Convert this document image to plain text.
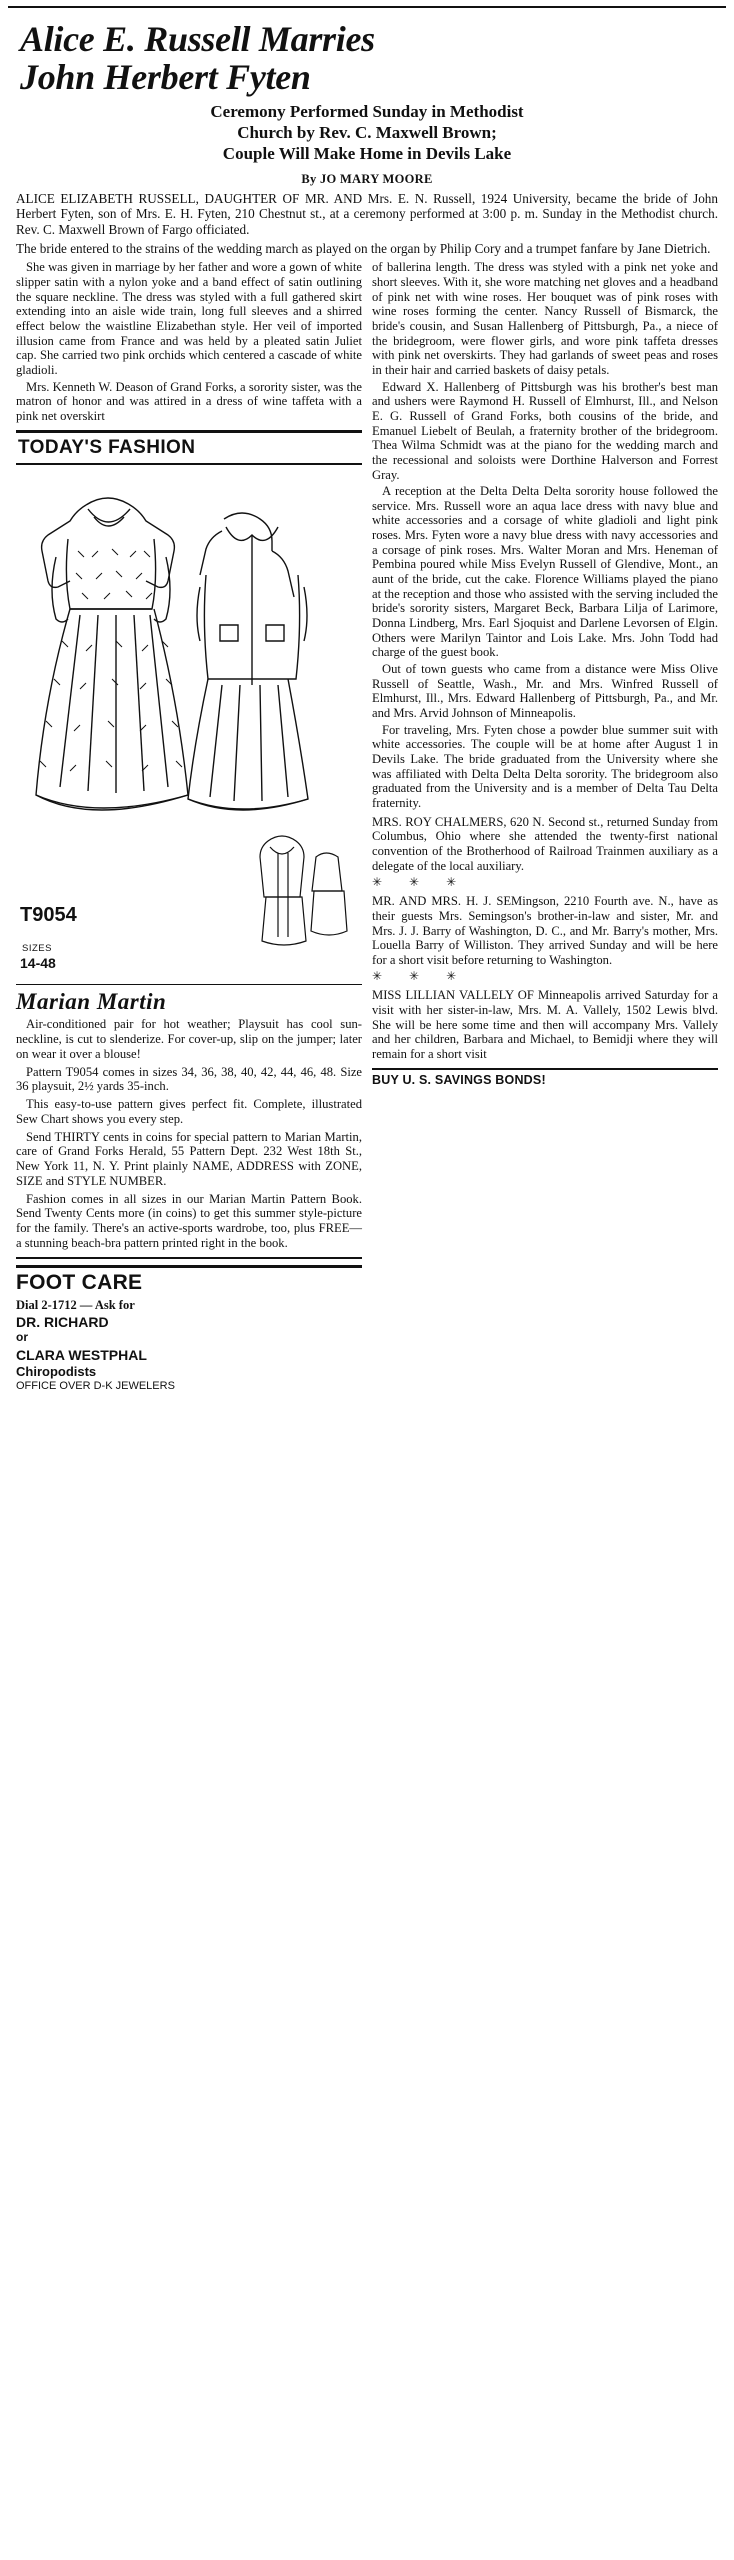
Alice E. Russell Marries
John Herbert Fyten
Ceremony Performed Sunday in Methodist
Church by Rev. C. Maxwell Brown;
Couple Will Make Home in Devils Lake
By JO MARY MOORE

ALICE ELIZABETH RUSSELL, DAUGHTER OF MR. AND Mrs. E. N. Russell, 1924 University, became the bride of John Herbert Fyten, son of Mrs. E. H. Fyten, 210 Chestnut st., at a ceremony performed at 3:00 p. m. Sunday in the Methodist church. Rev. C. Maxwell Brown of Fargo officiated.

The bride entered to the strains of the wedding march as played on the organ by Philip Cory and a trumpet fanfare by Jane Dietrich.

She was given in marriage by her father and wore a gown of white slipper satin with a nylon yoke and a band effect of satin outlining the square neckline. The dress was styled with a full gathered skirt extending into an aisle wide train, long full sleeves and a shirred effect below the waistline Elizabethan style. Her veil of imported illusion came from France and was held by a pleated satin Juliet cap. She carried two pink orchids which centered a cascade of white gladioli.

Mrs. Kenneth W. Deason of Grand Forks, a sorority sister, was the matron of honor and was attired in a dress of wine taffeta with a pink net overskirt

TODAY'S FASHION
T9054
SIZES
14-48
Marian Martin

Air-conditioned pair for hot weather; Playsuit has cool sun-neckline, is cut to slenderize. For cover-up, slip on the jumper; later on wear it over a blouse!

Pattern T9054 comes in sizes 34, 36, 38, 40, 42, 44, 46, 48. Size 36 playsuit, 2½ yards 35-inch.

This easy-to-use pattern gives perfect fit. Complete, illustrated Sew Chart shows you every step.

Send THIRTY cents in coins for special pattern to Marian Martin, care of Grand Forks Herald, 55 Pattern Dept. 232 West 18th St., New York 11, N. Y. Print plainly NAME, ADDRESS with ZONE, SIZE and STYLE NUMBER.

Fashion comes in all sizes in our Marian Martin Pattern Book. Send Twenty Cents more (in coins) to get this summer style-picture for the family. There's an active-sports wardrobe, too, plus FREE—a stunning beach-bra pattern printed right in the book.

FOOT CARE
Dial 2-1712 — Ask for
DR. RICHARD
or
CLARA WESTPHAL
Chiropodists
OFFICE OVER D-K JEWELERS

of ballerina length. The dress was styled with a pink net yoke and short sleeves. With it, she wore matching net gloves and a headband of pink net with wine roses. Her bouquet was of pink roses with wine roses forming the center. Nancy Russell of Bismarck, the bride's cousin, and Susan Hallenberg of Pittsburgh, Pa., a niece of the bridegroom, were flower girls, and wore pink taffeta dresses with pink net overskirts. They had garlands of sweet peas and roses in their hair and carried baskets of daisy petals.

Edward X. Hallenberg of Pittsburgh was his brother's best man and ushers were Raymond H. Russell of Elmhurst, Ill., and Nelson E. G. Russell of Grand Forks, both cousins of the bride, and Emanuel Liebelt of Beulah, a fraternity brother of the bridegroom. Thea Wilma Schmidt was at the piano for the wedding march and the recessional and soloists were Dorthine Halverson and Forrest Gray.

A reception at the Delta Delta Delta sorority house followed the service. Mrs. Russell wore an aqua lace dress with navy blue and white accessories and a corsage of white gladioli and light pink roses. Mrs. Fyten wore a navy blue dress with navy accessories and a corsage of pink roses. Mrs. Walter Moran and Mrs. Heneman of Pembina poured while Miss Evelyn Russell of Glendive, Mont., an aunt of the bride, cut the cake. Florence Williams played the piano at the reception and those who assisted with the serving included the bride's sorority sisters, Margaret Beck, Barbara Lilja of Larimore, Donna Lindberg, Mrs. Earl Sjoquist and Darlene Levorsen of Elgin. Others were Marilyn Taintor and Lois Lake. Mrs. John Todd had charge of the guest book.

Out of town guests who came from a distance were Miss Olive Russell of Seattle, Wash., Mr. and Mrs. Winfred Russell of Elmhurst, Ill., Mrs. Edward Hallenberg of Pittsburgh, Pa., and Mr. and Mrs. Arvid Johnson of Minneapolis.

For traveling, Mrs. Fyten chose a powder blue summer suit with white accessories. The couple will be at home after August 1 in Devils Lake. The bride graduated from the University where she was affiliated with Delta Delta Delta sorority. The bridegroom also graduated from the University and is a member of Delta Tau Delta fraternity.

MRS. ROY CHALMERS, 620 N. Second st., returned Sunday from Columbus, Ohio where she attended the twenty-first national convention of the Brotherhood of Railroad Trainmen auxiliary as a delegate of the local auxiliary.

✳ ✳ ✳

MR. AND MRS. H. J. SEMingson, 2210 Fourth ave. N., have as their guests Mrs. Semingson's brother-in-law and sister, Mr. and Mrs. J. J. Barry of Washington, D. C., and Mr. Barry's mother, Mrs. Louella Barry of Williston. They arrived Sunday and will be here for a short visit before returning to Washington.

✳ ✳ ✳

MISS LILLIAN VALLELY OF Minneapolis arrived Saturday for a visit with her sister-in-law, Mrs. M. A. Vallely, 1502 Lewis blvd. She will be here some time and then will accompany Mrs. Vallely and her children, Barbara and Michael, to Bemidji where they will remain for a short visit

BUY U. S. SAVINGS BONDS!
